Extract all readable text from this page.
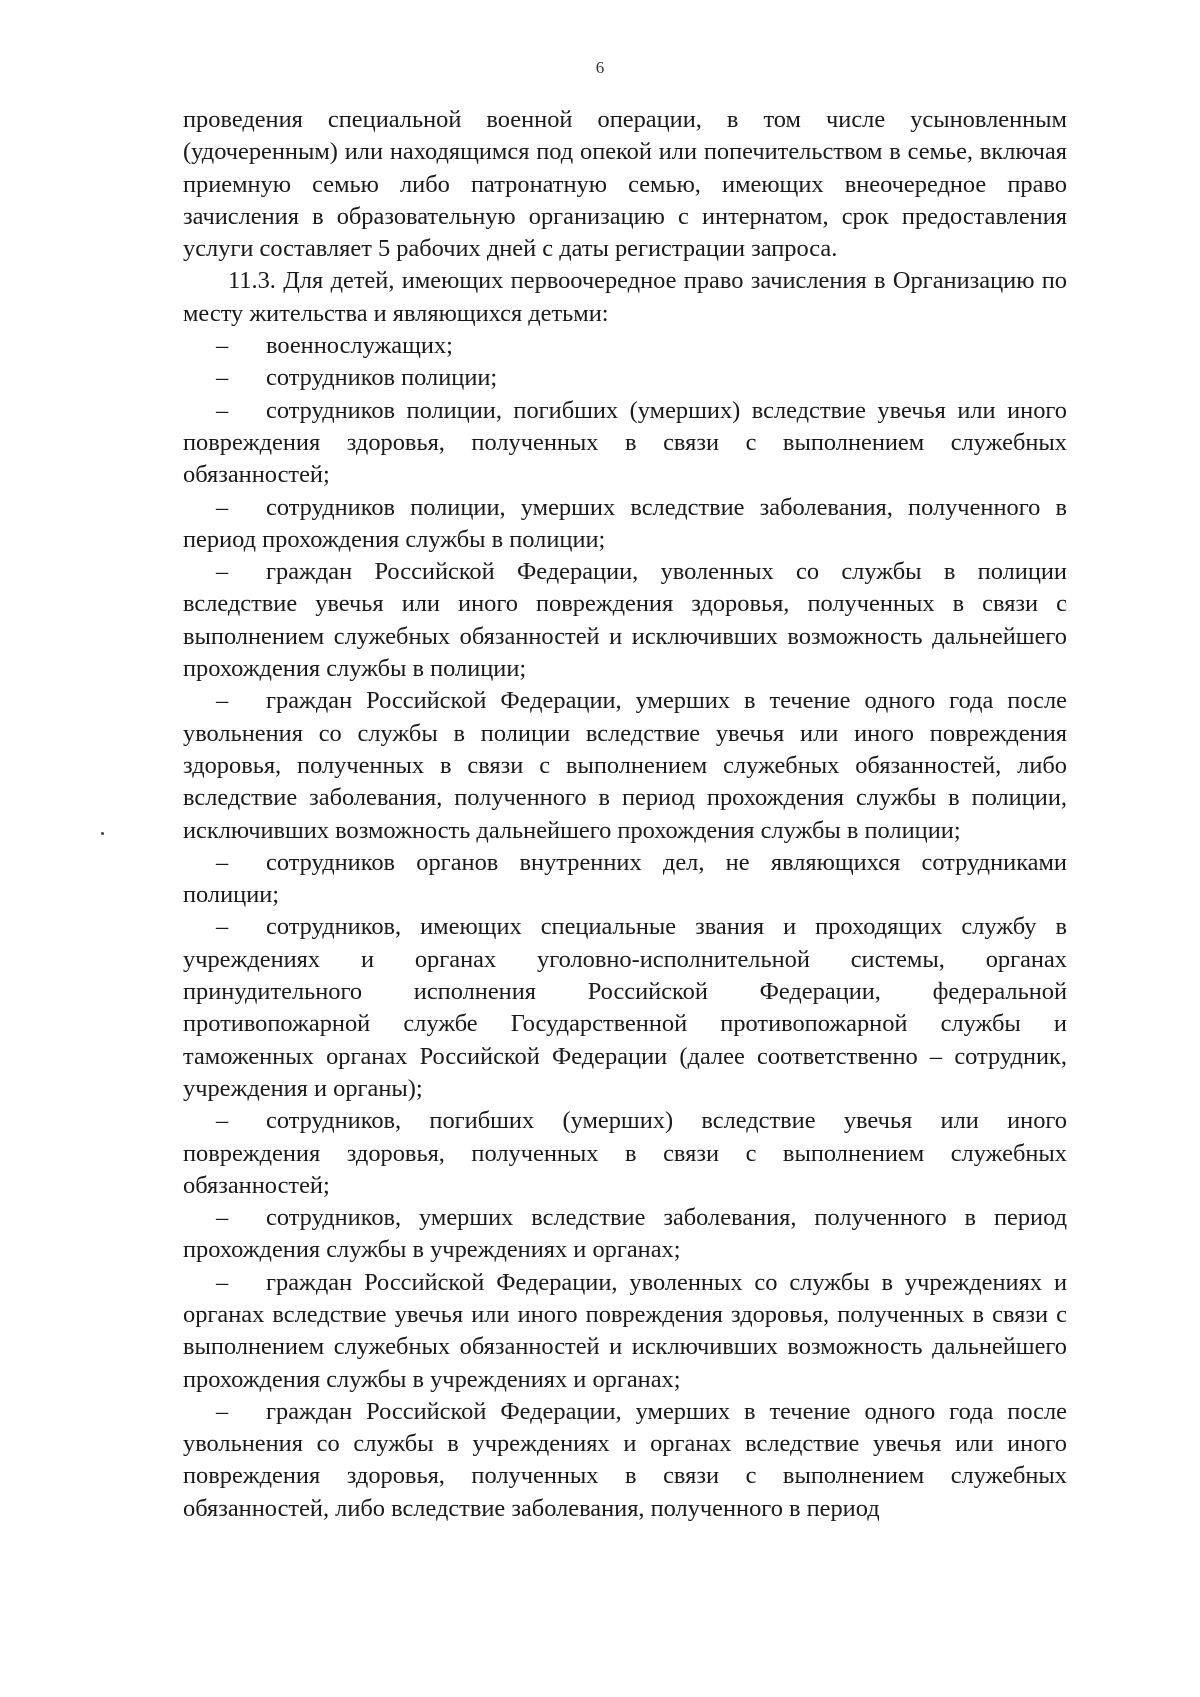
6

проведения специальной военной операции, в том числе усыновленным (удочеренным) или находящимся под опекой или попечительством в семье, включая приемную семью либо патронатную семью, имеющих внеочередное право зачисления в образовательную организацию с интернатом, срок предоставления услуги составляет 5 рабочих дней с даты регистрации запроса.

11.3. Для детей, имеющих первоочередное право зачисления в Организацию по месту жительства и являющихся детьми:

– военнослужащих;

– сотрудников полиции;

– сотрудников полиции, погибших (умерших) вследствие увечья или иного повреждения здоровья, полученных в связи с выполнением служебных обязанностей;

– сотрудников полиции, умерших вследствие заболевания, полученного в период прохождения службы в полиции;

– граждан Российской Федерации, уволенных со службы в полиции вследствие увечья или иного повреждения здоровья, полученных в связи с выполнением служебных обязанностей и исключивших возможность дальнейшего прохождения службы в полиции;

– граждан Российской Федерации, умерших в течение одного года после увольнения со службы в полиции вследствие увечья или иного повреждения здоровья, полученных в связи с выполнением служебных обязанностей, либо вследствие заболевания, полученного в период прохождения службы в полиции, исключивших возможность дальнейшего прохождения службы в полиции;

– сотрудников органов внутренних дел, не являющихся сотрудниками полиции;

– сотрудников, имеющих специальные звания и проходящих службу в учреждениях и органах уголовно-исполнительной системы, органах принудительного исполнения Российской Федерации, федеральной противопожарной службе Государственной противопожарной службы и таможенных органах Российской Федерации (далее соответственно – сотрудник, учреждения и органы);

– сотрудников, погибших (умерших) вследствие увечья или иного повреждения здоровья, полученных в связи с выполнением служебных обязанностей;

– сотрудников, умерших вследствие заболевания, полученного в период прохождения службы в учреждениях и органах;

– граждан Российской Федерации, уволенных со службы в учреждениях и органах вследствие увечья или иного повреждения здоровья, полученных в связи с выполнением служебных обязанностей и исключивших возможность дальнейшего прохождения службы в учреждениях и органах;

– граждан Российской Федерации, умерших в течение одного года после увольнения со службы в учреждениях и органах вследствие увечья или иного повреждения здоровья, полученных в связи с выполнением служебных обязанностей, либо вследствие заболевания, полученного в период
